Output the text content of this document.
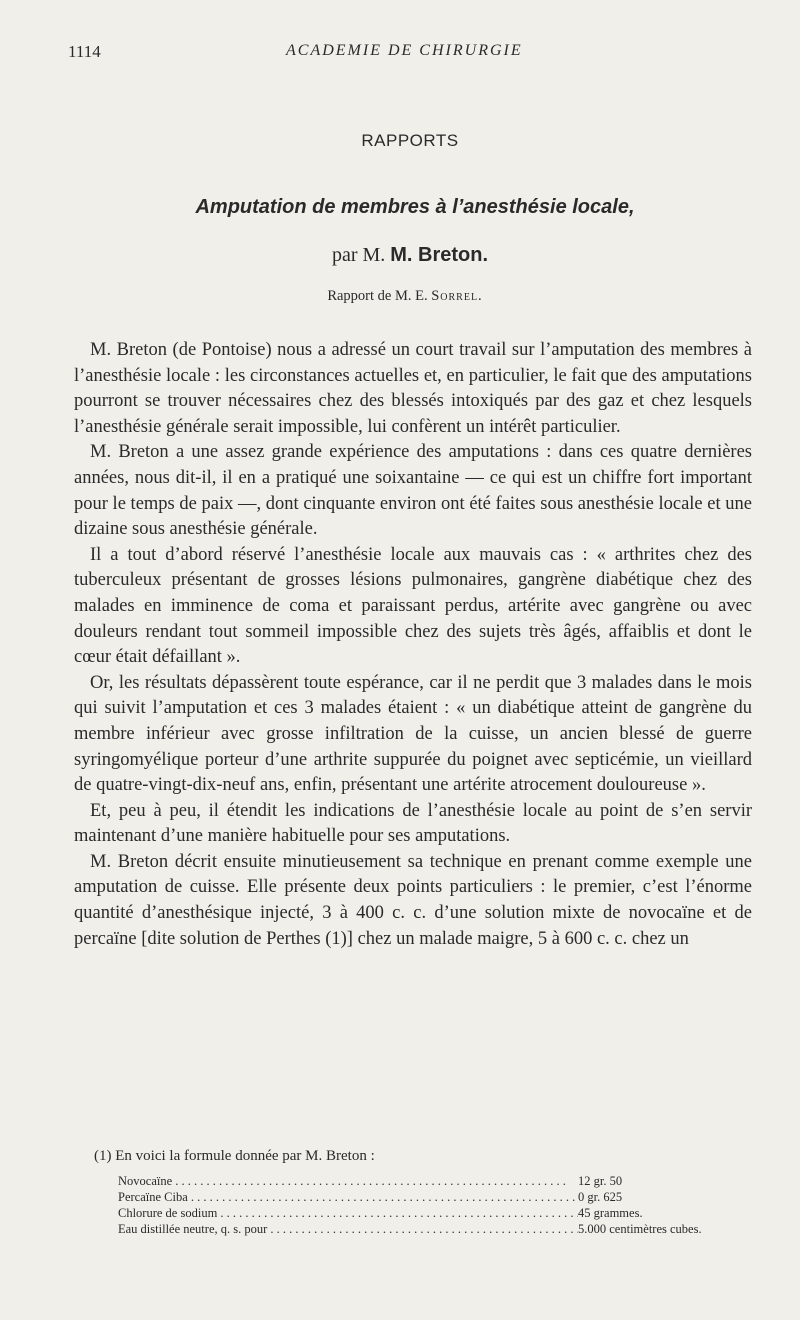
1114	ACADEMIE DE CHIRURGIE
RAPPORTS
Amputation de membres à l’anesthésie locale,
par M. M. Breton.
Rapport de M. E. Sorrel.

M. Breton (de Pontoise) nous a adressé un court travail sur l’amputation des membres à l’anesthésie locale : les circonstances actuelles et, en particulier, le fait que des amputations pourront se trouver nécessaires chez des blessés intoxiqués par des gaz et chez lesquels l’anesthésie générale serait impossible, lui confèrent un intérêt particulier.

M. Breton a une assez grande expérience des amputations : dans ces quatre dernières années, nous dit-il, il en a pratiqué une soixantaine — ce qui est un chiffre fort important pour le temps de paix —, dont cinquante environ ont été faites sous anesthésie locale et une dizaine sous anesthésie générale.

Il a tout d’abord réservé l’anesthésie locale aux mauvais cas : « arthrites chez des tuberculeux présentant de grosses lésions pulmonaires, gangrène diabétique chez des malades en imminence de coma et paraissant perdus, artérite avec gangrène ou avec douleurs rendant tout sommeil impossible chez des sujets très âgés, affaiblis et dont le cœur était défaillant ».

Or, les résultats dépassèrent toute espérance, car il ne perdit que 3 malades dans le mois qui suivit l’amputation et ces 3 malades étaient : « un diabétique atteint de gangrène du membre inférieur avec grosse infiltration de la cuisse, un ancien blessé de guerre syringomyélique porteur d’une arthrite suppurée du poignet avec septicémie, un vieillard de quatre-vingt-dix-neuf ans, enfin, présentant une artérite atrocement douloureuse ».

Et, peu à peu, il étendit les indications de l’anesthésie locale au point de s’en servir maintenant d’une manière habituelle pour ses amputations.

M. Breton décrit ensuite minutieusement sa technique en prenant comme exemple une amputation de cuisse. Elle présente deux points particuliers : le premier, c’est l’énorme quantité d’anesthésique injecté, 3 à 400 c. c. d’une solution mixte de novocaïne et de percaïne [dite solution de Perthes (1)] chez un malade maigre, 5 à 600 c. c. chez un

(1) En voici la formule donnée par M. Breton :
Novocaïne . . .	12 gr. 50
Percaïne Ciba . . .	0 gr. 625
Chlorure de sodium . . .	45 grammes.
Eau distillée neutre, q. s. pour . . .	5.000 centimètres cubes.
